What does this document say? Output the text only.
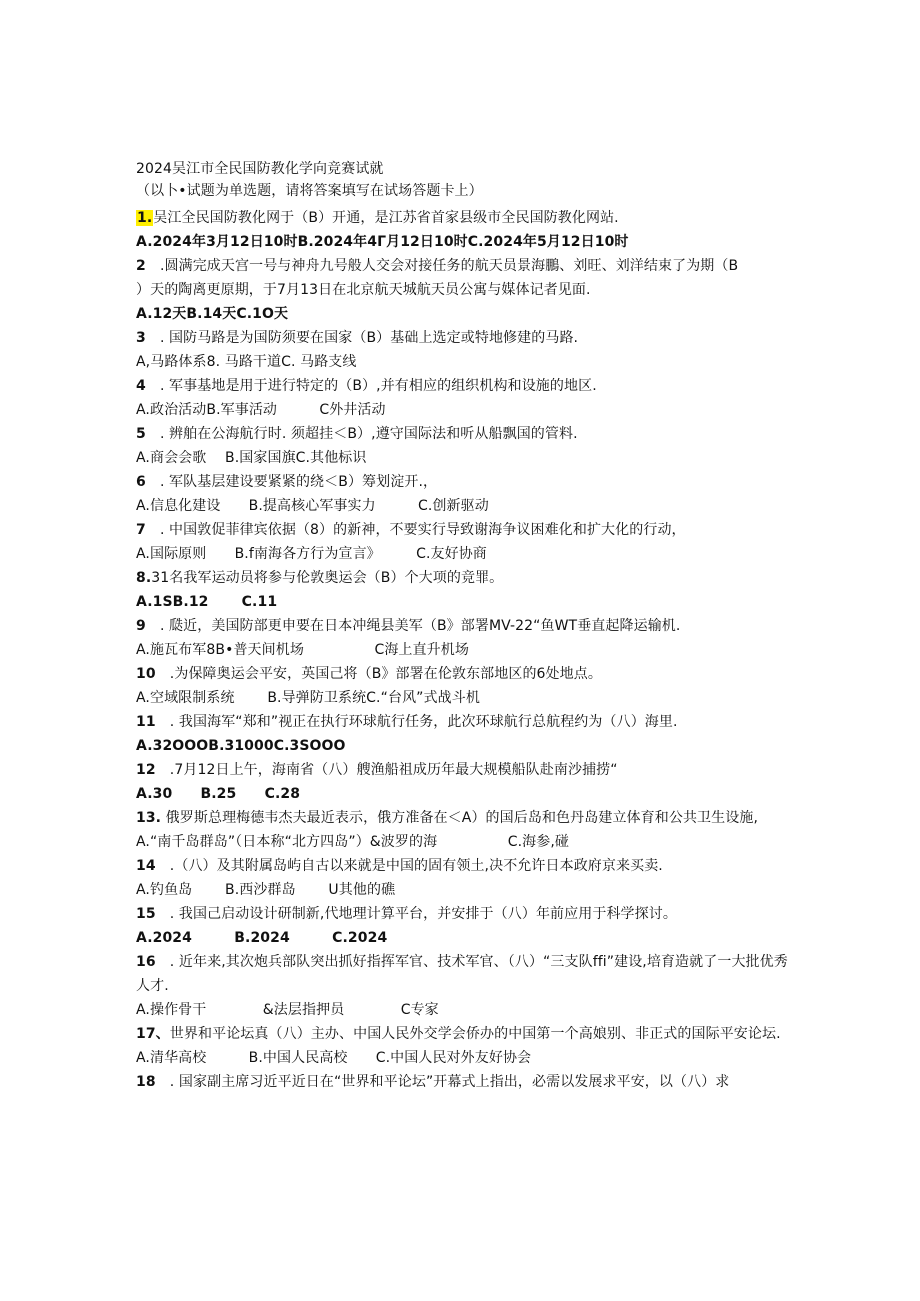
2024吴江市全民国防教化学向竞赛试就
（以卜•试题为单选题，请将答案填写在试场答题卡上）
1.吴江全民国防教化网于（B）开通，是江苏省首家县级市全民国防教化网站.
A.2024年3月12日10时B.2024年4Γ月12日10时C.2024年5月12日10时
2　 .圆满完成天宫一号与神舟九号般人交会对接任务的航天员景海鵬、刘旺、刘洋结束了为期（B
）天的陶离更原期，于7月13日在北京航天城航天员公寓与媒体记者见面.
A.12天B.14天C.1O天
3　 . 国防马路是为国防须要在国家（B）基础上选定或特地修建的马路.
A,马路体系8. 马路干道C. 马路支线
4　 . 军事基地是用于进行特定的（B）,并有相应的组织机构和设施的地区.
A.政治活动B.军事活动　　　C外井活动
5　 . 辨舶在公海航行时. 须超挂＜B）,遵守国际法和听从船飘国的管料.
A.商会会歌　 B.国家国旗C.其他标识
6　 . 军队基层建设要紧紧的绕＜B）筹划淀开.，
A.信息化建设　　B.提高核心军事实力　　　C.创新驱动
7　 . 中国敦促菲律宾依据（8）的新神，不要实行导致谢海争议困难化和扩大化的行动，
A.国际原则　　B.f南海各方行为宣言》　　　C.友好协商
8.31名我军运动员将参与伦敦奥运会（B）个大项的竞罪。
A.1SB.12　　 C.11
9　 . 瓞近，美国防部更申要在日本冲绳县美军（B》部署MV-22“鱼WT垂直起降运输机.
A.施瓦布军8B•普天间机场　　　　　C海上直升机场
10　 .为保障奥运会平安，英国己将（B》部署在伦敦东部地区的6处地点。
A.空域限制系统　　 B.导弹防卫系统C.“台风”式战斗机
11　 . 我国海军“郑和”视正在执行环球航行任务，此次环球航行总航程约为（八）海里.
A.32OOOB.31000C.3SOOO
12　 .7月12日上午，海南省（八）艘渔船祖成历年最大规模船队赴南沙捕捞“
A.30　　B.25　　C.28
13. 俄罗斯总理梅德韦杰夫最近表示，俄方准备在＜A）的国后岛和色丹岛建立体育和公共卫生设施,
A.“南千岛群岛”（日本称“北方四岛”）&波罗的海　　　　　C.海参,碰
14　 .（八）及其附属岛屿自古以来就是中国的固有领土,决不允许日本政府京来买卖.
A.钓鱼岛　　 B.西沙群岛　　 U其他的礁
15　 . 我国己启动设计研制新,代地理计算平台，并安排于（八）年前应用于科学探讨。
A.2024　　　B.2024　　　C.2024
16　 . 近年来,其次炮兵部队突出抓好指挥军官、技术军官、（八）“三支队ffi”建设,培育造就了一大批优秀人才.
A.操作骨干　　　　&法层指押员　　　　C专家
17、世界和平论坛真（八）主办、中国人民外交学会侨办的中国第一个高娘别、非正式的国际平安论坛.
A.清华高校　　　B.中国人民高校　　C.中国人民对外友好协会
18　 . 国家副主席习近平近日在“世界和平论坛”开幕式上指出，必需以发展求平安，以（八）求
